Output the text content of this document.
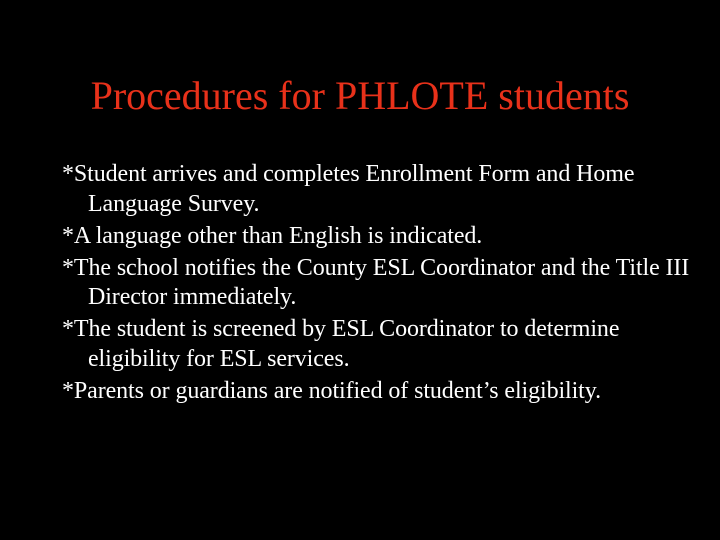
Procedures for PHLOTE students
*Student arrives and completes Enrollment Form and Home Language Survey.
*A language other than English is indicated.
*The school notifies the County ESL Coordinator and the Title III Director immediately.
*The student is screened by ESL Coordinator to determine eligibility for ESL services.
*Parents or guardians are notified of student’s eligibility.
